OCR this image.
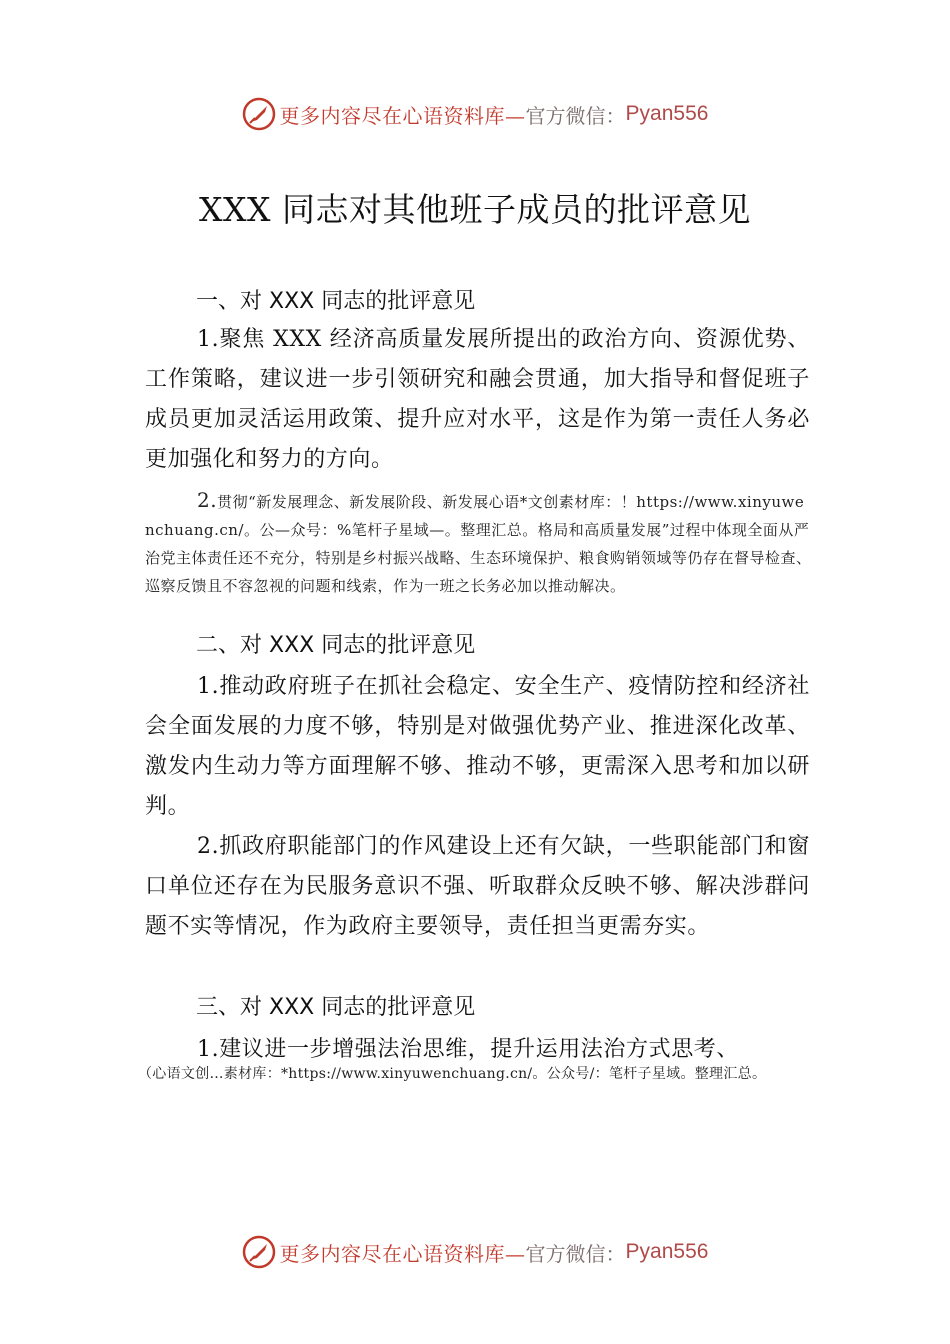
更多内容尽在心语资料库— 官方微信： Pyan556
XXX 同志对其他班子成员的批评意见
一、对 XXX 同志的批评意见

1.聚焦 XXX 经济高质量发展所提出的政治方向、资源优势、工作策略，建议进一步引领研究和融会贯通，加大指导和督促班子成员更加灵活运用政策、提升应对水平，这是作为第一责任人务必更加强化和努力的方向。

2.贯彻“新发展理念、新发展阶段、新发展心语*文创素材库：！https://www.xinyuwenchuang.cn/。公—众号：%笔杆子星域—。整理汇总。格局和高质量发展”过程中体现全面从严治党主体责任还不充分，特别是乡村振兴战略、生态环境保护、粮食购销领域等仍存在督导检查、巡察反馈且不容忽视的问题和线索，作为一班之长务必加以推动解决。

二、对 XXX 同志的批评意见

1.推动政府班子在抓社会稳定、安全生产、疫情防控和经济社会全面发展的力度不够，特别是对做强优势产业、推进深化改革、激发内生动力等方面理解不够、推动不够，更需深入思考和加以研判。

2.抓政府职能部门的作风建设上还有欠缺，一些职能部门和窗口单位还存在为民服务意识不强、听取群众反映不够、解决涉群问题不实等情况，作为政府主要领导，责任担当更需夯实。

三、对 XXX 同志的批评意见

1.建议进一步增强法治思维，提升运用法治方式思考、

（心语文创…素材库：*https://www.xinyuwenchuang.cn/。公众号/：笔杆子星域。整理汇总。

更多内容尽在心语资料库— 官方微信： Pyan556
